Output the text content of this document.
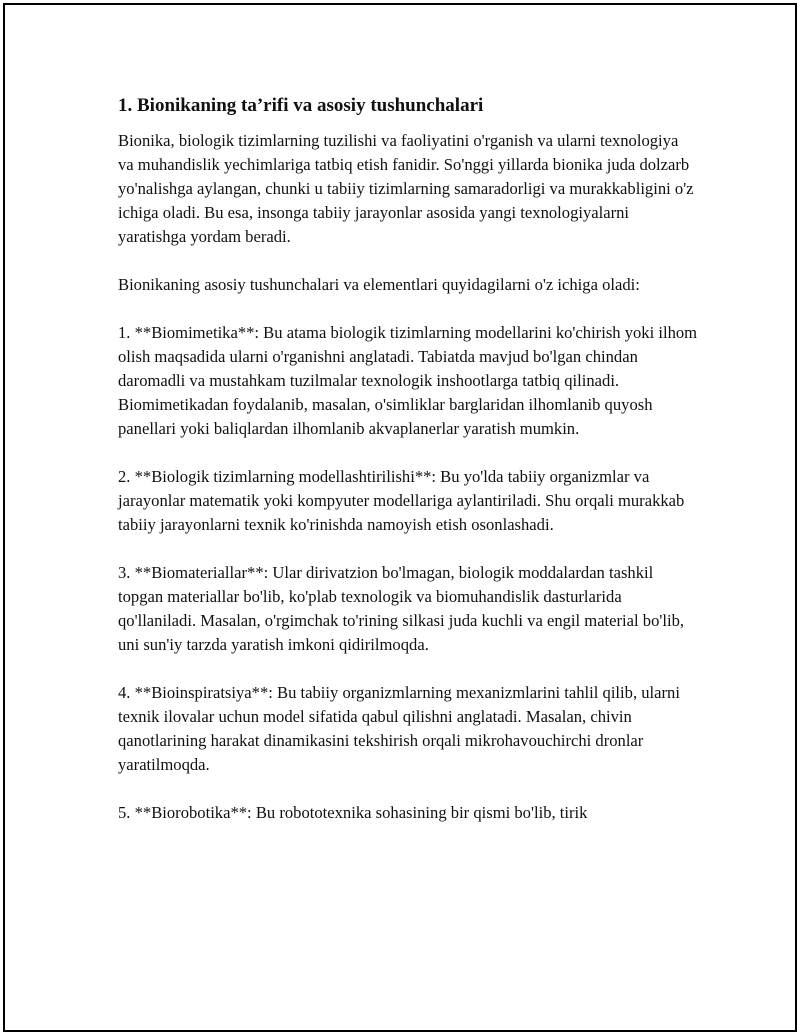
1. Bionikaning ta’rifi va asosiy tushunchalari

Bionika, biologik tizimlarning tuzilishi va faoliyatini o'rganish va ularni texnologiya va muhandislik yechimlariga tatbiq etish fanidir. So'nggi yillarda bionika juda dolzarb yo'nalishga aylangan, chunki u tabiiy tizimlarning samaradorligi va murakkabligini o'z ichiga oladi. Bu esa, insonga tabiiy jarayonlar asosida yangi texnologiyalarni yaratishga yordam beradi.

Bionikaning asosiy tushunchalari va elementlari quyidagilarni o'z ichiga oladi:

1. **Biomimetika**: Bu atama biologik tizimlarning modellarini ko'chirish yoki ilhom olish maqsadida ularni o'rganishni anglatadi. Tabiatda mavjud bo'lgan chindan daromadli va mustahkam tuzilmalar texnologik inshootlarga tatbiq qilinadi. Biomimetikadan foydalanib, masalan, o'simliklar barglaridan ilhomlanib quyosh panellari yoki baliqlardan ilhomlanib akvaplanerlar yaratish mumkin.

2. **Biologik tizimlarning modellashtirilishi**: Bu yo'lda tabiiy organizmlar va jarayonlar matematik yoki kompyuter modellariga aylantiriladi. Shu orqali murakkab tabiiy jarayonlarni texnik ko'rinishda namoyish etish osonlashadi.

3. **Biomateriallar**: Ular dirivatzion bo'lmagan, biologik moddalardan tashkil topgan materiallar bo'lib, ko'plab texnologik va biomuhandislik dasturlarida qo'llaniladi. Masalan, o'rgimchak to'rining silkasi juda kuchli va engil material bo'lib, uni sun'iy tarzda yaratish imkoni qidirilmoqda.

4. **Bioinspiratsiya**: Bu tabiiy organizmlarning mexanizmlarini tahlil qilib, ularni texnik ilovalar uchun model sifatida qabul qilishni anglatadi. Masalan, chivin qanotlarining harakat dinamikasini tekshirish orqali mikrohavouchirchi dronlar yaratilmoqda.

5. **Biorobotika**: Bu robototexnika sohasining bir qismi bo'lib, tirik
